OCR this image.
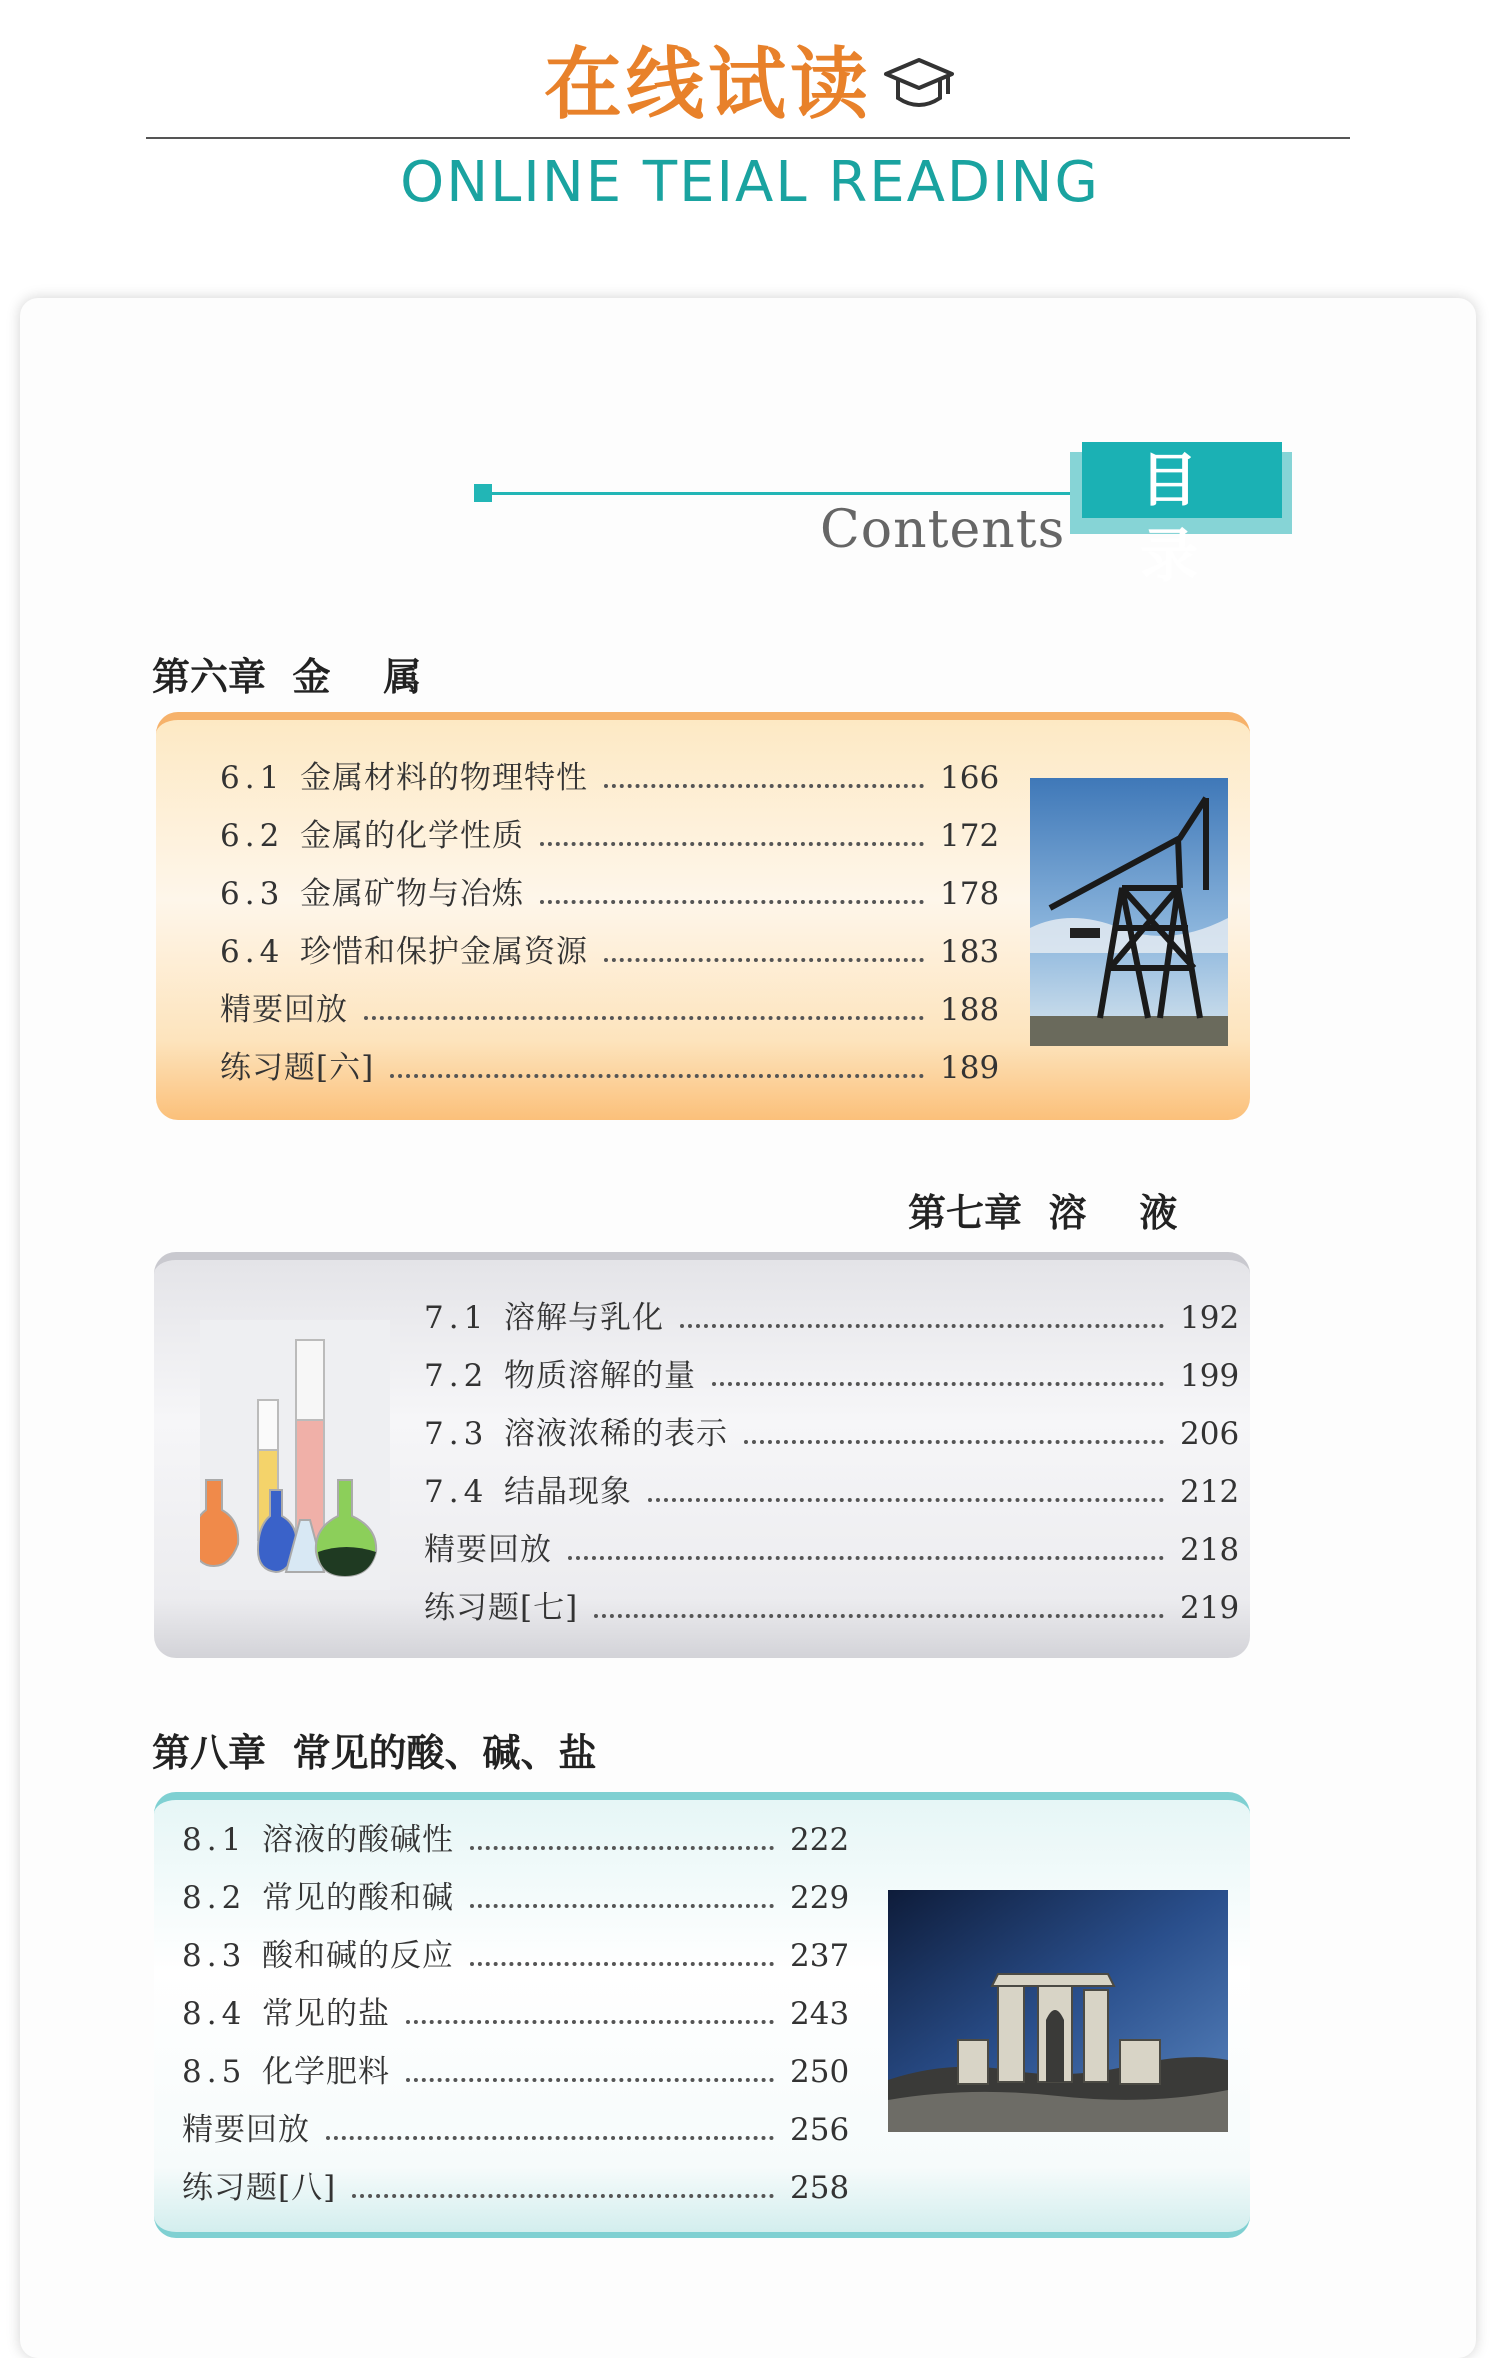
在线试读
ONLINE TEIAL READING
Contents
目 录
第六章  金    属
6.1 金属材料的物理特性	166
6.2 金属的化学性质	172
6.3 金属矿物与冶炼	178
6.4 珍惜和保护金属资源	183
精要回放	188
练习题[六]	189
第七章  溶    液
7.1 溶解与乳化	192
7.2 物质溶解的量	199
7.3 溶液浓稀的表示	206
7.4 结晶现象	212
精要回放	218
练习题[七]	219
第八章  常见的酸、碱、盐
8.1 溶液的酸碱性	222
8.2 常见的酸和碱	229
8.3 酸和碱的反应	237
8.4 常见的盐	243
8.5 化学肥料	250
精要回放	256
练习题[八]	258
